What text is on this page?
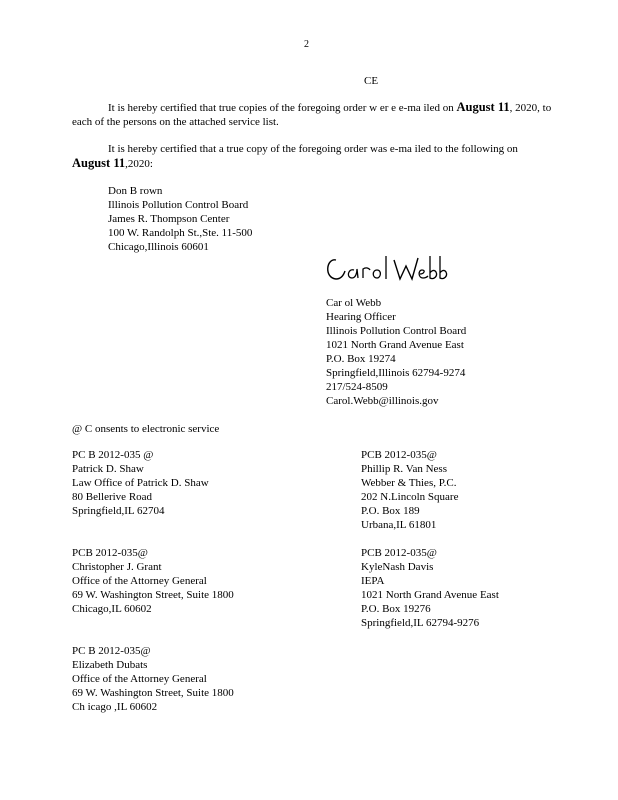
2
CE
It is hereby certified that true copies of the foregoing order w er e e-ma iled on August 11, 2020, to each of the persons on the attached service list.
It is hereby certified that a true copy of the foregoing order was e-ma iled to the following on August 11,2020:
Don B rown
Illinois Pollution Control Board
James R. Thompson Center
100 W. Randolph St.,Ste. 11-500
Chicago,Illinois 60601
Car ol Webb
Hearing Officer
Illinois Pollution Control Board
1021 North Grand Avenue East
P.O. Box 19274
Springfield,Illinois 62794-9274
217/524-8509
Carol.Webb@illinois.gov
@ C onsents to electronic service
PC B 2012-035 @
Patrick D. Shaw
Law Office of Patrick D. Shaw
80 Bellerive Road
Springfield,IL 62704
PCB 2012-035@
Phillip R. Van Ness
Webber & Thies, P.C.
202 N.Lincoln Square
P.O. Box 189
Urbana,IL 61801
PCB 2012-035@
Christopher J. Grant
Office of the Attorney General
69 W. Washington Street, Suite 1800
Chicago,IL 60602
PCB 2012-035@
KyleNash Davis
IEPA
1021 North Grand Avenue East
P.O. Box 19276
Springfield,IL 62794-9276
PC B 2012-035@
Elizabeth Dubats
Office of the Attorney General
69 W. Washington Street, Suite 1800
Ch icago ,IL 60602
